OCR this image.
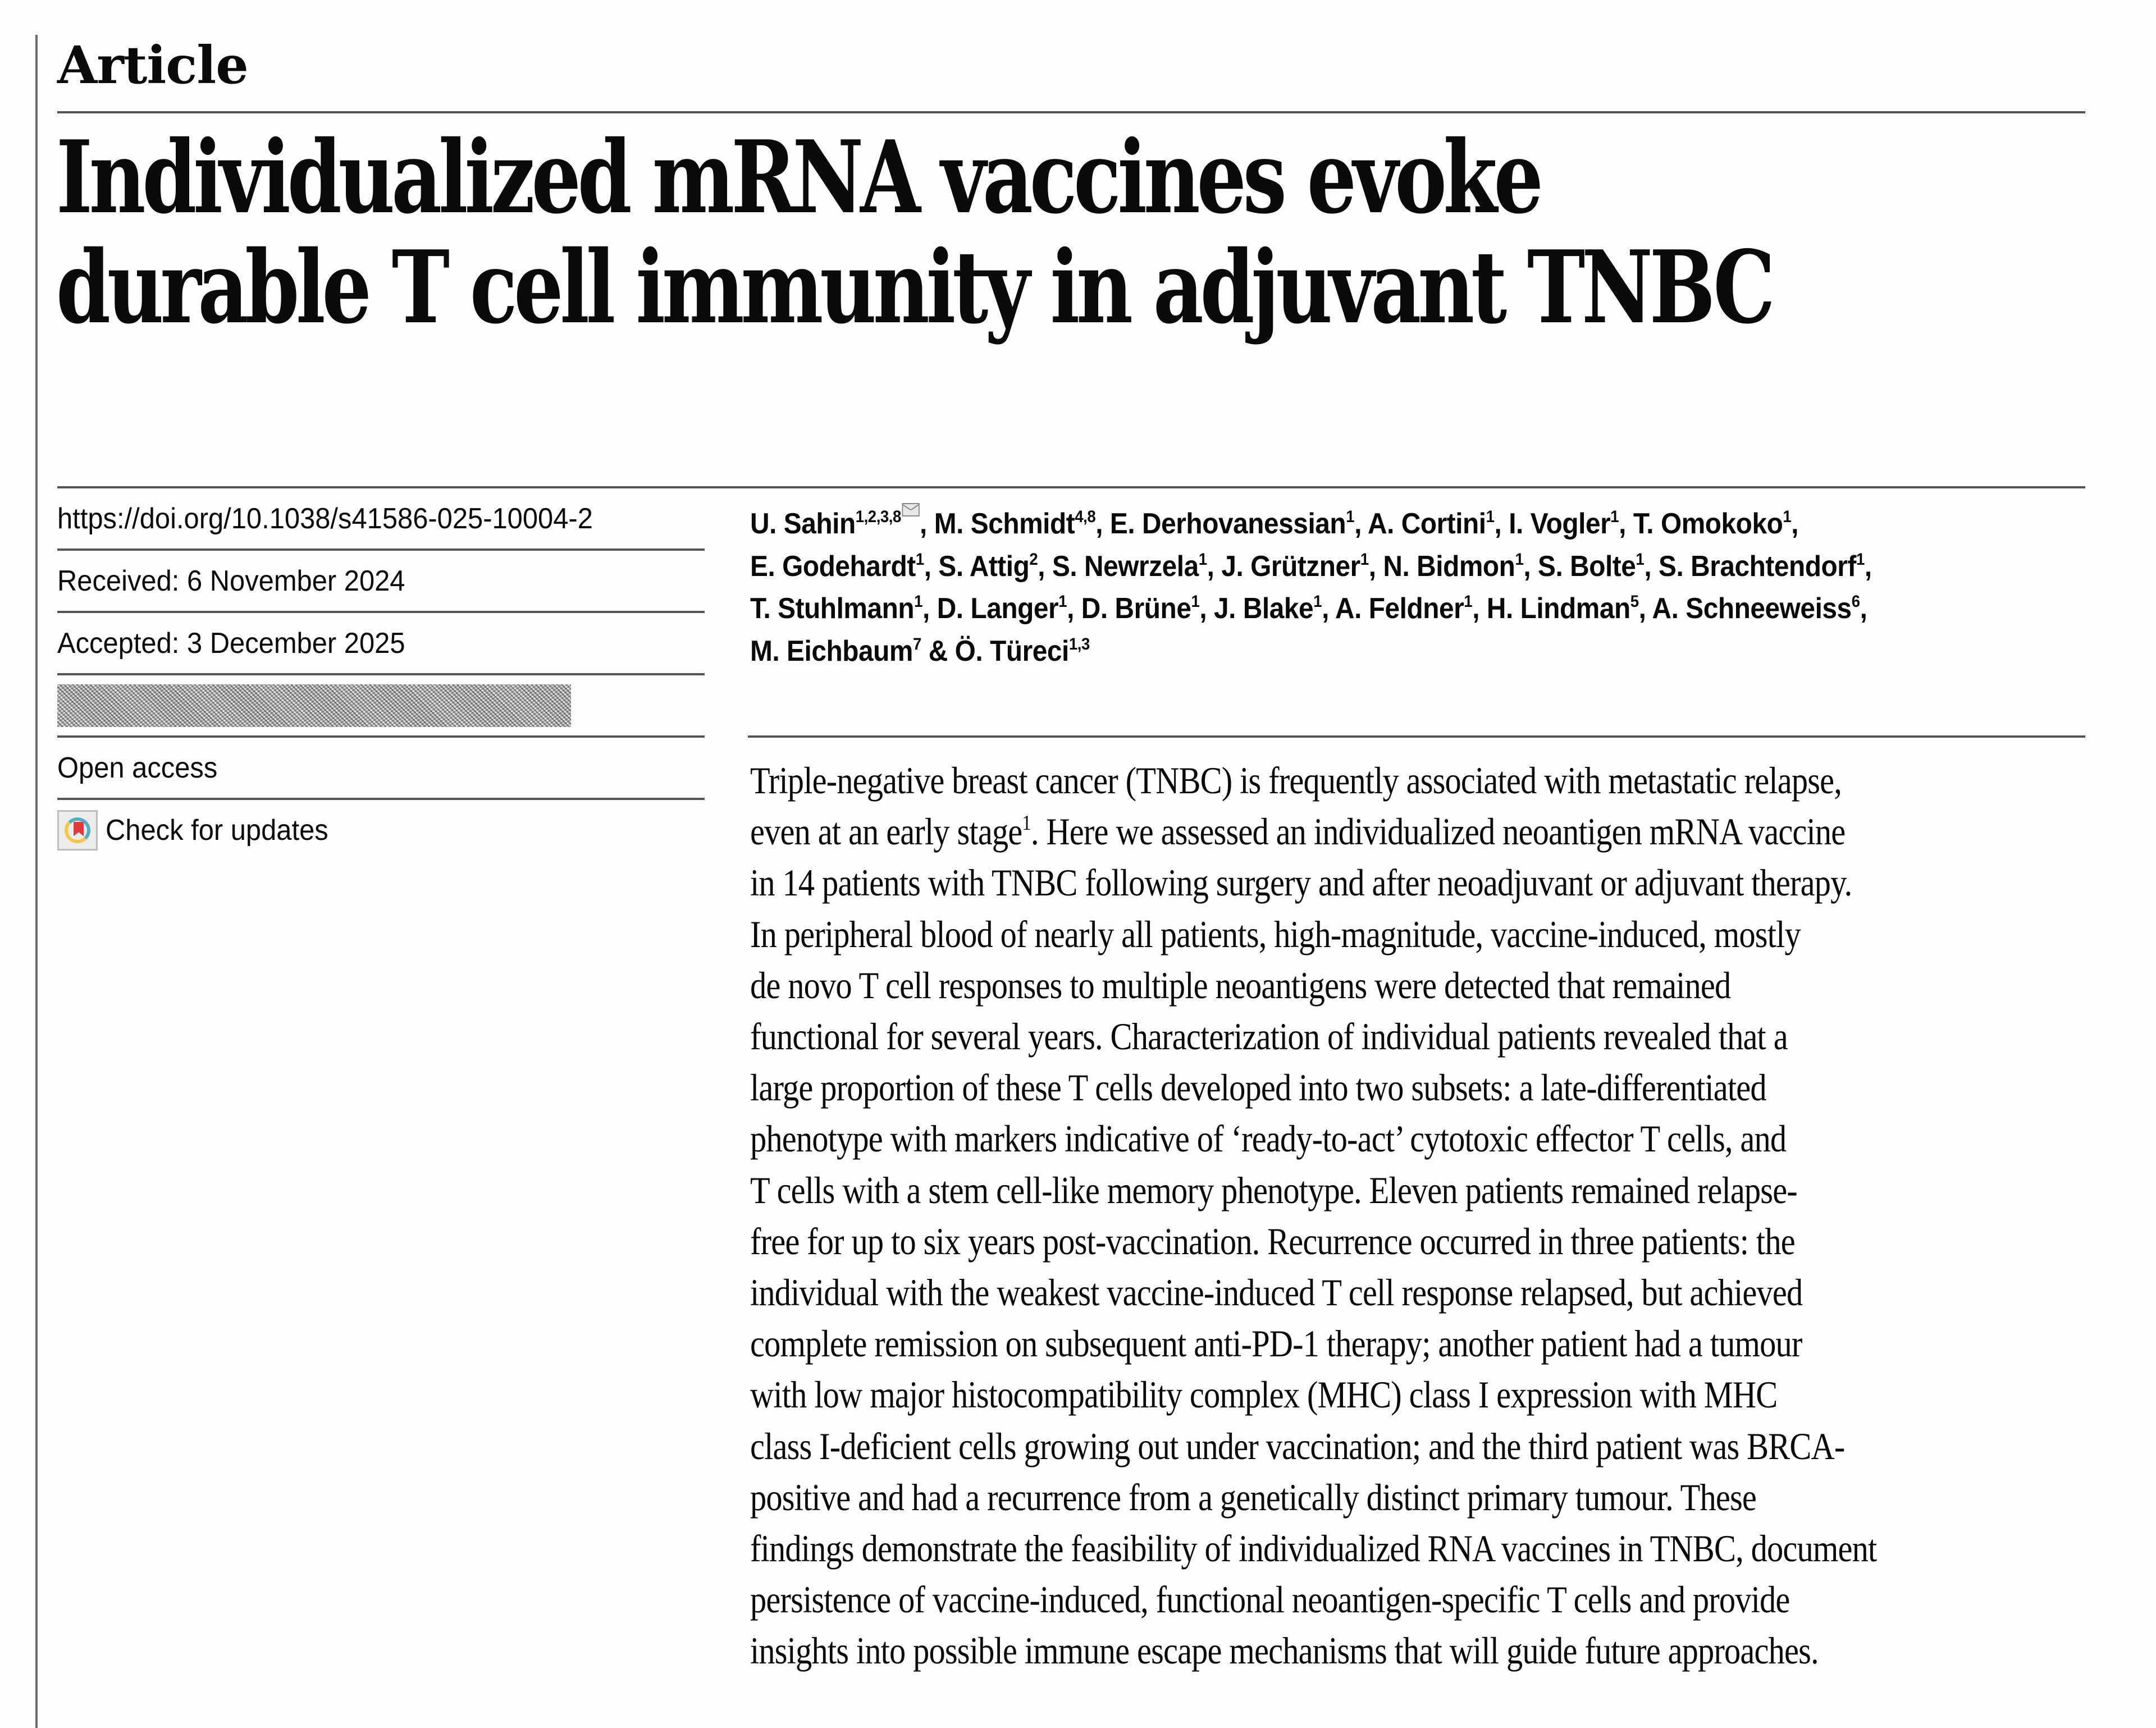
Article
Individualized mRNA vaccines evoke
durable T cell immunity in adjuvant TNBC
https://doi.org/10.1038/s41586-025-10004-2
Received: 6 November 2024
Accepted: 3 December 2025
Open access
Check for updates
U. Sahin$^{1,2,3,8}$ , M. Schmidt$^{4,8}$, E. Derhovanessian$^1$, A. Cortini$^1$, I. Vogler$^1$, T. Omokoko$^1$,
E. Godehardt$^1$, S. Attig$^2$, S. Newrzela$^1$, J. Grützner$^1$, N. Bidmon$^1$, S. Bolte$^1$, S. Brachtendorf$^1$,
T. Stuhlmann$^1$, D. Langer$^1$, D. Brüne$^1$, J. Blake$^1$, A. Feldner$^1$, H. Lindman$^5$, A. Schneeweiss$^6$,
M. Eichbaum$^7$ & Ö. Türeci$^{1,3}$
Triple-negative breast cancer (TNBC) is frequently associated with metastatic relapse,
even at an early stage$^1$. Here we assessed an individualized neoantigen mRNA vaccine
in 14 patients with TNBC following surgery and after neoadjuvant or adjuvant therapy.
In peripheral blood of nearly all patients, high-magnitude, vaccine-induced, mostly
de novo T cell responses to multiple neoantigens were detected that remained
functional for several years. Characterization of individual patients revealed that a
large proportion of these T cells developed into two subsets: a late-differentiated
phenotype with markers indicative of ‘ready-to-act’ cytotoxic effector T cells, and
T cells with a stem cell-like memory phenotype. Eleven patients remained relapse-
free for up to six years post-vaccination. Recurrence occurred in three patients: the
individual with the weakest vaccine-induced T cell response relapsed, but achieved
complete remission on subsequent anti-PD-1 therapy; another patient had a tumour
with low major histocompatibility complex (MHC) class I expression with MHC
class I-deficient cells growing out under vaccination; and the third patient was BRCA-
positive and had a recurrence from a genetically distinct primary tumour. These
findings demonstrate the feasibility of individualized RNA vaccines in TNBC, document
persistence of vaccine-induced, functional neoantigen-specific T cells and provide
insights into possible immune escape mechanisms that will guide future approaches.
